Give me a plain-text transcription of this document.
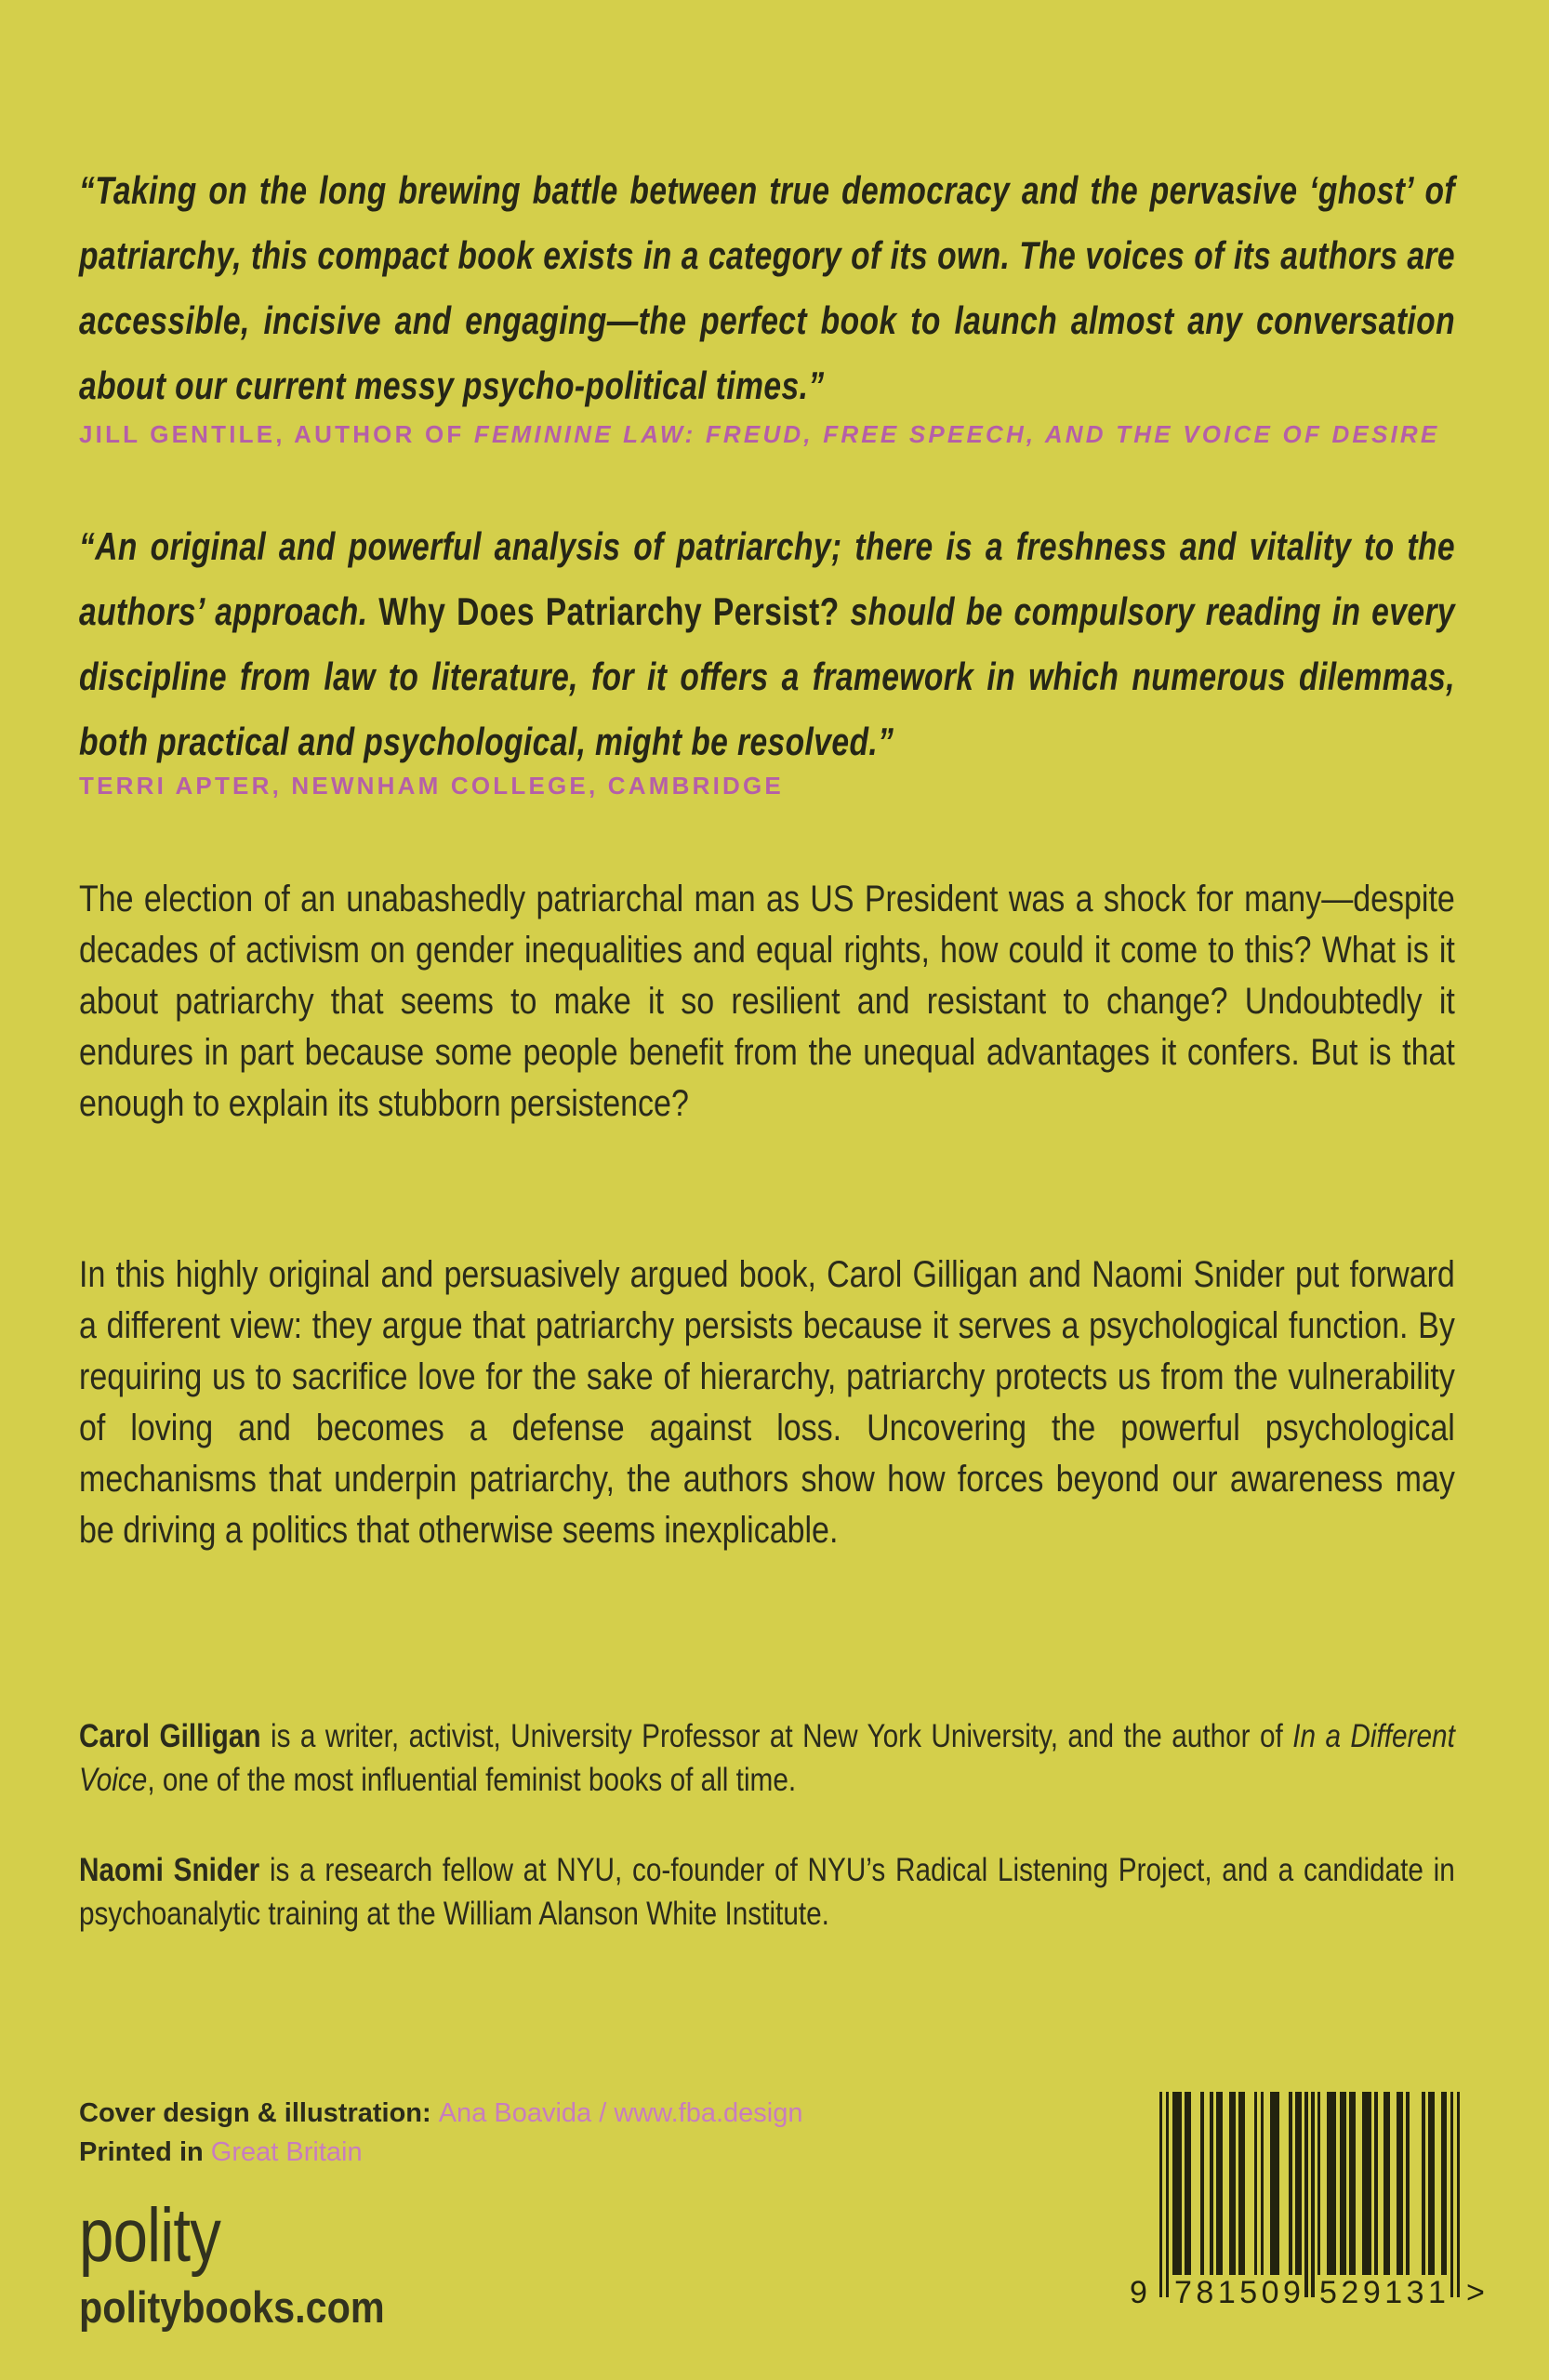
“Taking on the long brewing battle between true democracy and the pervasive ‘ghost’ of patriarchy, this compact book exists in a category of its own. The voices of its authors are accessible, incisive and engaging—the perfect book to launch almost any conversation about our current messy psycho-political times.”

JILL GENTILE, AUTHOR OF FEMININE LAW: FREUD, FREE SPEECH, AND THE VOICE OF DESIRE

“An original and powerful analysis of patriarchy; there is a freshness and vitality to the authors’ approach. Why Does Patriarchy Persist? should be compulsory reading in every discipline from law to literature, for it offers a framework in which numerous dilemmas, both practical and psychological, might be resolved.”

TERRI APTER, NEWNHAM COLLEGE, CAMBRIDGE

The election of an unabashedly patriarchal man as US President was a shock for many—despite decades of activism on gender inequalities and equal rights, how could it come to this? What is it about patriarchy that seems to make it so resilient and resistant to change? Undoubtedly it endures in part because some people benefit from the unequal advantages it confers. But is that enough to explain its stubborn persistence?

In this highly original and persuasively argued book, Carol Gilligan and Naomi Snider put forward a different view: they argue that patriarchy persists because it serves a psychological function. By requiring us to sacrifice love for the sake of hierarchy, patriarchy protects us from the vulnerability of loving and becomes a defense against loss. Uncovering the powerful psychological mechanisms that underpin patriarchy, the authors show how forces beyond our awareness may be driving a politics that otherwise seems inexplicable.

Carol Gilligan is a writer, activist, University Professor at New York University, and the author of In a Different Voice, one of the most influential feminist books of all time.

Naomi Snider is a research fellow at NYU, co-founder of NYU’s Radical Listening Project, and a candidate in psychoanalytic training at the William Alanson White Institute.

Cover design & illustration: Ana Boavida / www.fba.design
Printed in Great Britain
polity
politybooks.com	9 781509 529131 >
